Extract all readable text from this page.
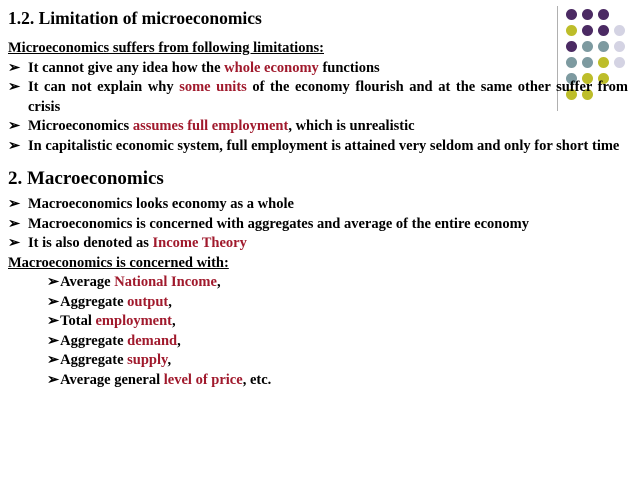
1.2. Limitation of microeconomics
Microeconomics suffers from following limitations:
➢ It cannot give any idea how the whole economy functions
➢ It can not explain why some units of the economy flourish and at the same other suffer from crisis
➢ Microeconomics assumes full employment, which is unrealistic
➢ In capitalistic economic system, full employment is attained very seldom and only for short time
2. Macroeconomics
➢ Macroeconomics looks economy as a whole
➢ Macroeconomics is concerned with aggregates and average of the entire economy
➢ It is also denoted as Income Theory
Macroeconomics is concerned with:
➢Average National Income,
➢Aggregate output,
➢Total employment,
➢Aggregate demand,
➢Aggregate supply,
➢Average general level of price, etc.
